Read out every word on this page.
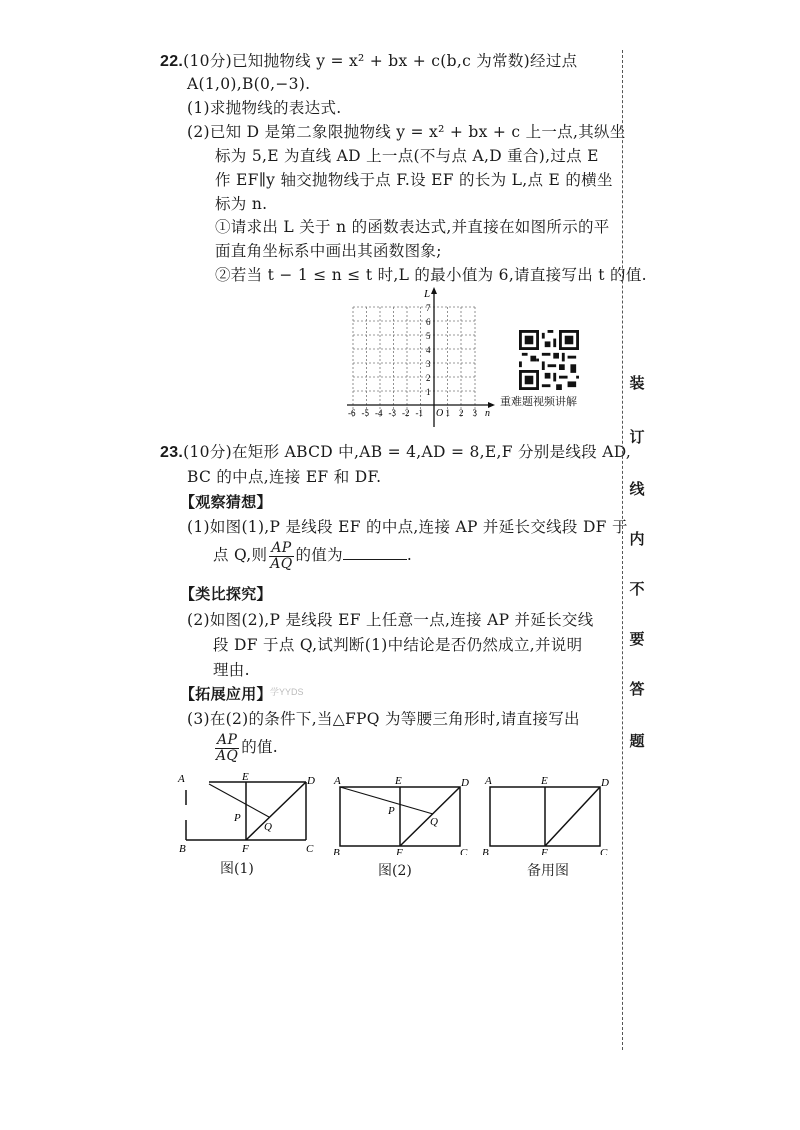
22.(10分)已知抛物线 y = x² + bx + c(b,c 为常数)经过点
A(1,0),B(0,−3).
(1)求抛物线的表达式.
(2)已知 D 是第二象限抛物线 y = x² + bx + c 上一点,其纵坐
标为 5,E 为直线 AD 上一点(不与点 A,D 重合),过点 E
作 EF∥y 轴交抛物线于点 F.设 EF 的长为 L,点 E 的横坐
标为 n.
①请求出 L 关于 n 的函数表达式,并直接在如图所示的平
面直角坐标系中画出其函数图象;
②若当 t − 1 ≤ n ≤ t 时,L 的最小值为 6,请直接写出 t 的值.
L
n
O
-6 -5 -4 -3 -2 -1	1 2 3
1
2
3
4
5
6
7
重难题视频讲解
23.(10分)在矩形 ABCD 中,AB = 4,AD = 8,E,F 分别是线段 AD,
BC 的中点,连接 EF 和 DF.
【观察猜想】
(1)如图(1),P 是线段 EF 的中点,连接 AP 并延长交线段 DF 于
点 Q,则 $\frac{AP}{AQ}$ 的值为	.
【类比探究】
(2)如图(2),P 是线段 EF 上任意一点,连接 AP 并延长交线
段 DF 于点 Q,试判断(1)中结论是否仍然成立,并说明
理由.
【拓展应用】
学YYDS
(3)在(2)的条件下,当△FPQ 为等腰三角形时,请直接写出
$\frac{AP}{AQ}$ 的值.
A	E	D
B	F	C
P
Q
图(1)
A	E	D
B	F	C
P
Q
图(2)
A	E	D
B	F	C
备用图
装
订
线
内
不
要
答
题
